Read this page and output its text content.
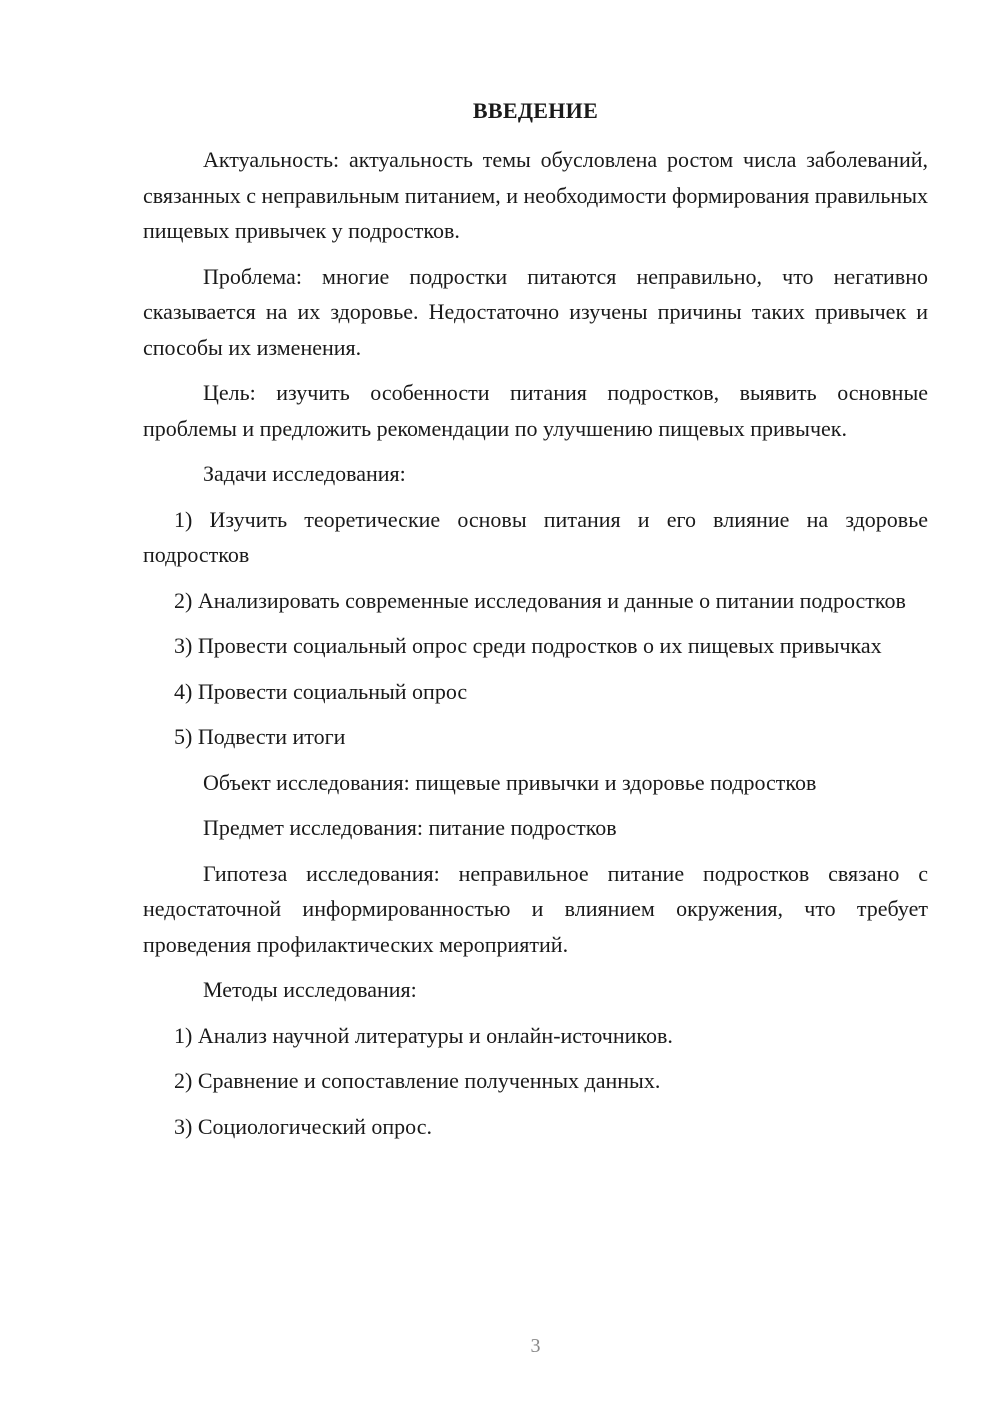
ВВЕДЕНИЕ

Актуальность: актуальность темы обусловлена ростом числа заболеваний, связанных с неправильным питанием, и необходимости формирования правильных пищевых привычек у подростков.

Проблема: многие подростки питаются неправильно, что негативно сказывается на их здоровье. Недостаточно изучены причины таких привычек и способы их изменения.

Цель: изучить особенности питания подростков, выявить основные проблемы и предложить рекомендации по улучшению пищевых привычек.

Задачи исследования:

1) Изучить теоретические основы питания и его влияние на здоровье подростков

2) Анализировать современные исследования и данные о питании подростков

3) Провести социальный опрос среди подростков о их пищевых привычках

4) Провести социальный опрос

5) Подвести итоги

Объект исследования: пищевые привычки и здоровье подростков

Предмет исследования: питание подростков

Гипотеза исследования: неправильное питание подростков связано с недостаточной информированностью и влиянием окружения, что требует проведения профилактических мероприятий.

Методы исследования:

1) Анализ научной литературы и онлайн-источников.

2) Сравнение и сопоставление полученных данных.

3) Социологический опрос.

3
